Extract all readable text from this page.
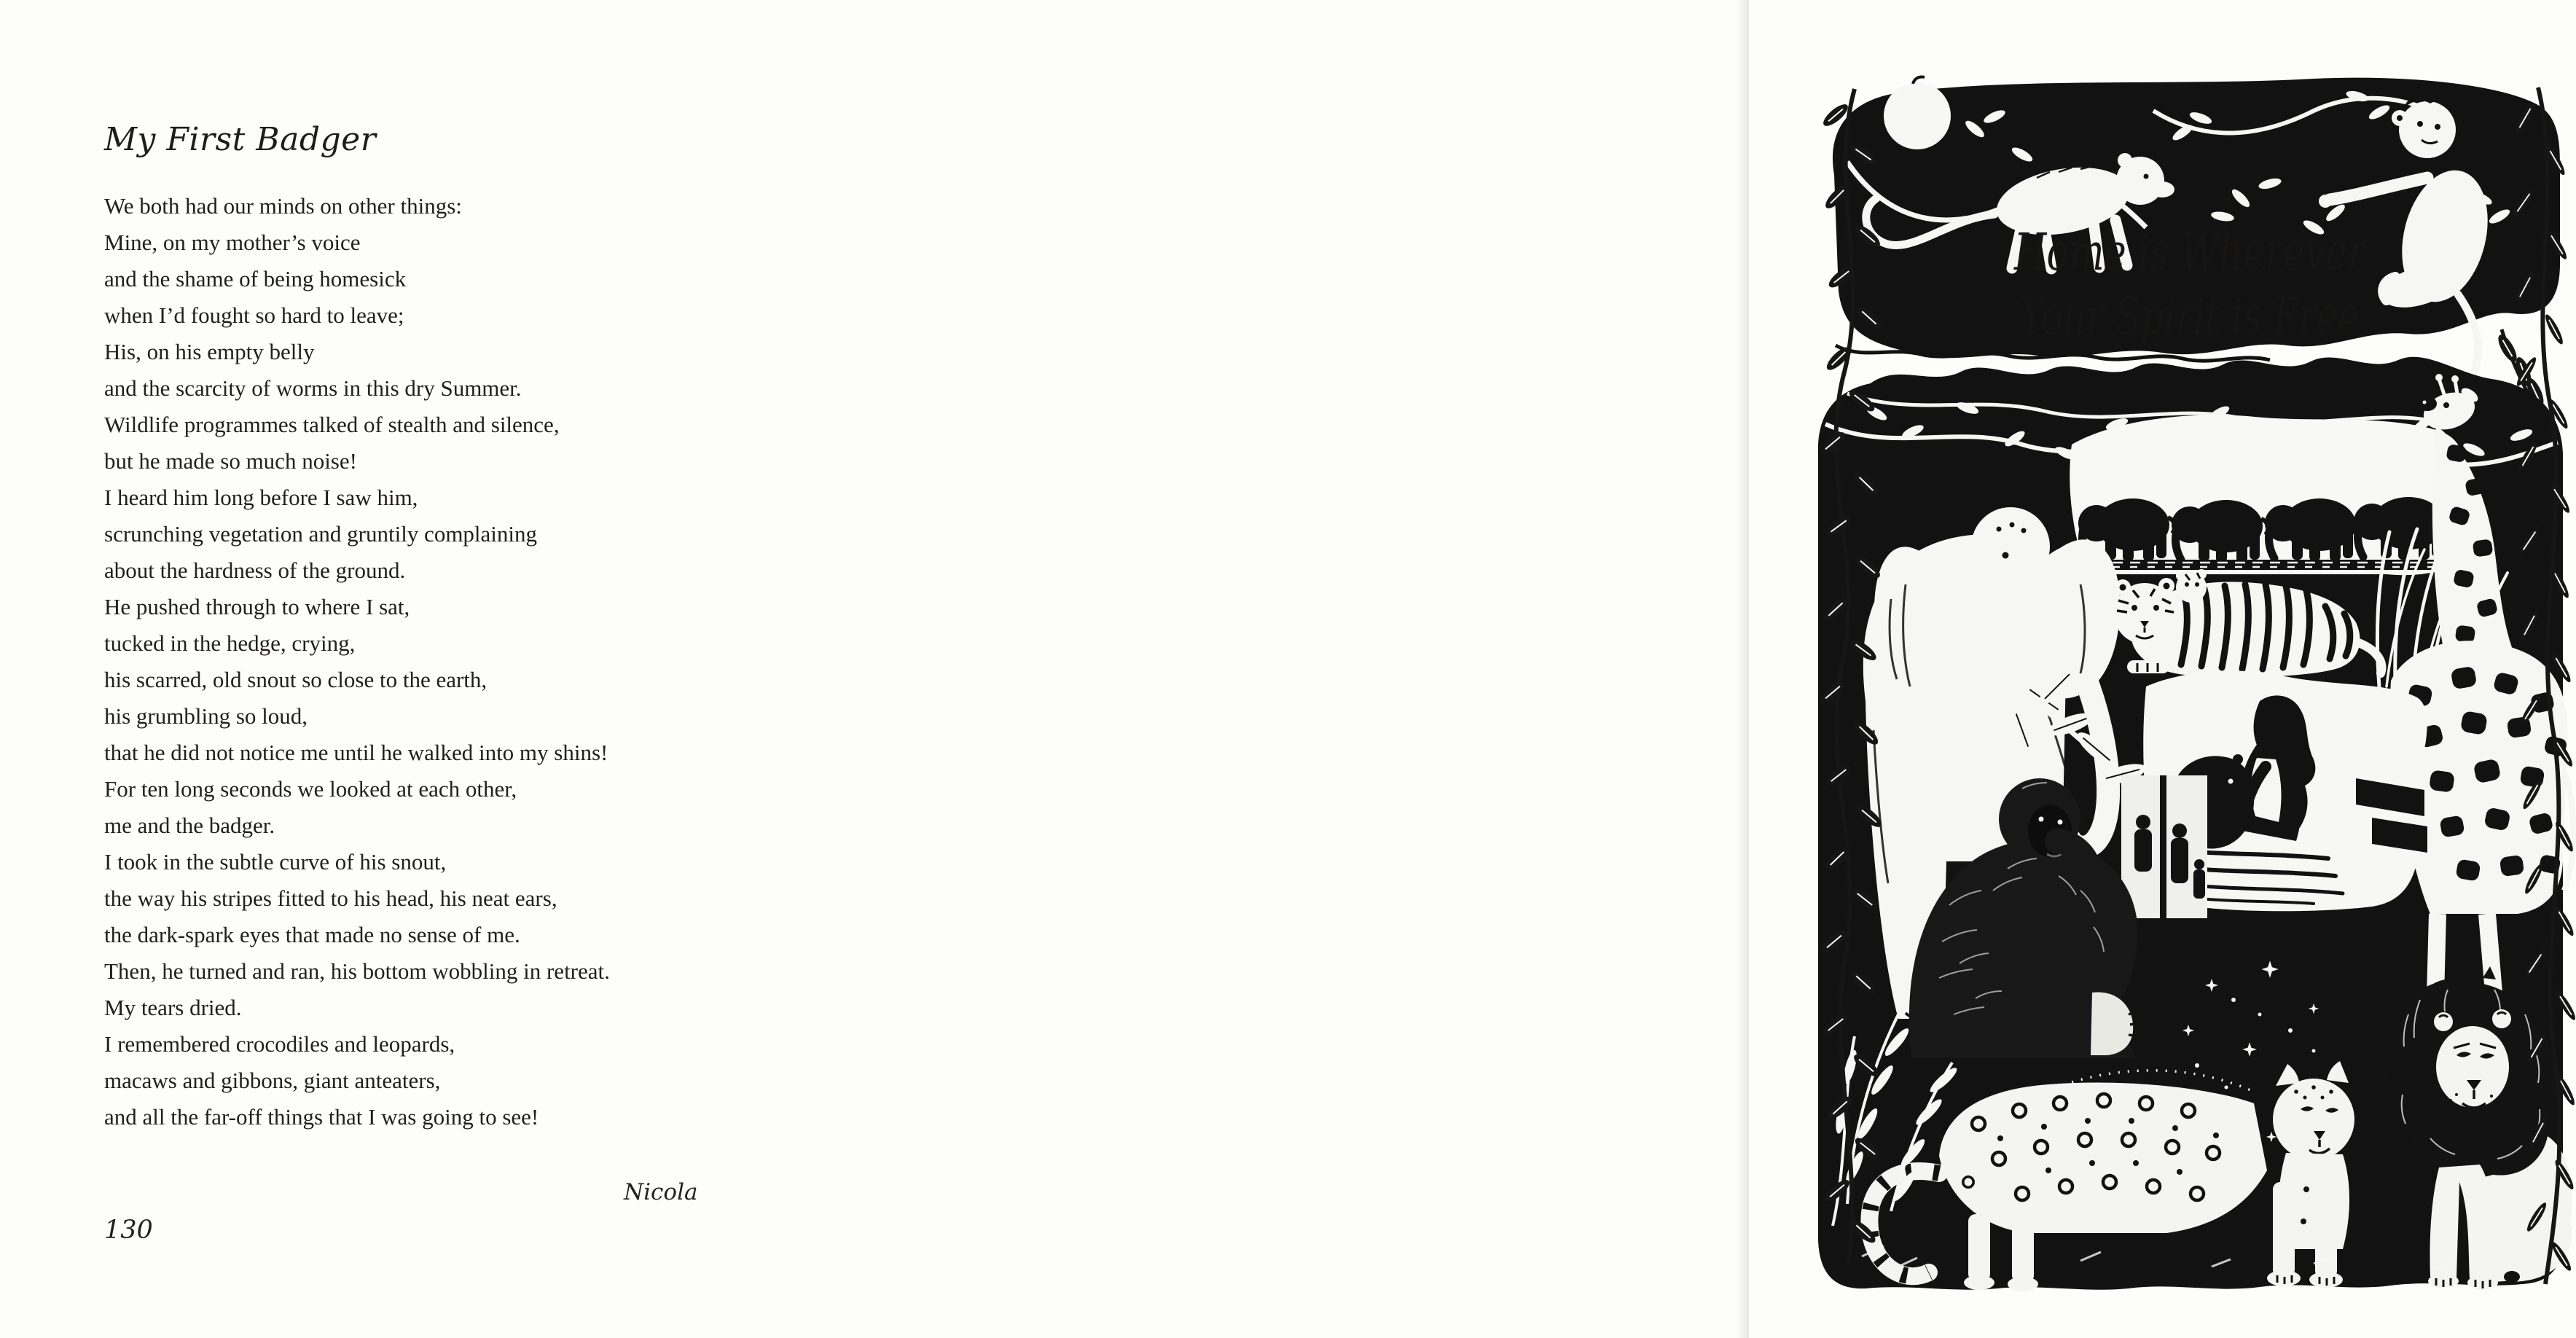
My First Badger

We both had our minds on other things:

Mine, on my mother’s voice

and the shame of being homesick

when I’d fought so hard to leave;

His, on his empty belly

and the scarcity of worms in this dry Summer.

Wildlife programmes talked of stealth and silence,

but he made so much noise!

I heard him long before I saw him,

scrunching vegetation and gruntily complaining

about the hardness of the ground.

He pushed through to where I sat,

tucked in the hedge, crying,

his scarred, old snout so close to the earth,

his grumbling so loud,

that he did not notice me until he walked into my shins!

For ten long seconds we looked at each other,

me and the badger.

I took in the subtle curve of his snout,

the way his stripes fitted to his head, his neat ears,

the dark-spark eyes that made no sense of me.

Then, he turned and ran, his bottom wobbling in retreat.

My tears dried.

I remembered crocodiles and leopards,

macaws and gibbons, giant anteaters,

and all the far-off things that I was going to see!

Nicola
130
Home is Wherever
Your Spirit is Free
